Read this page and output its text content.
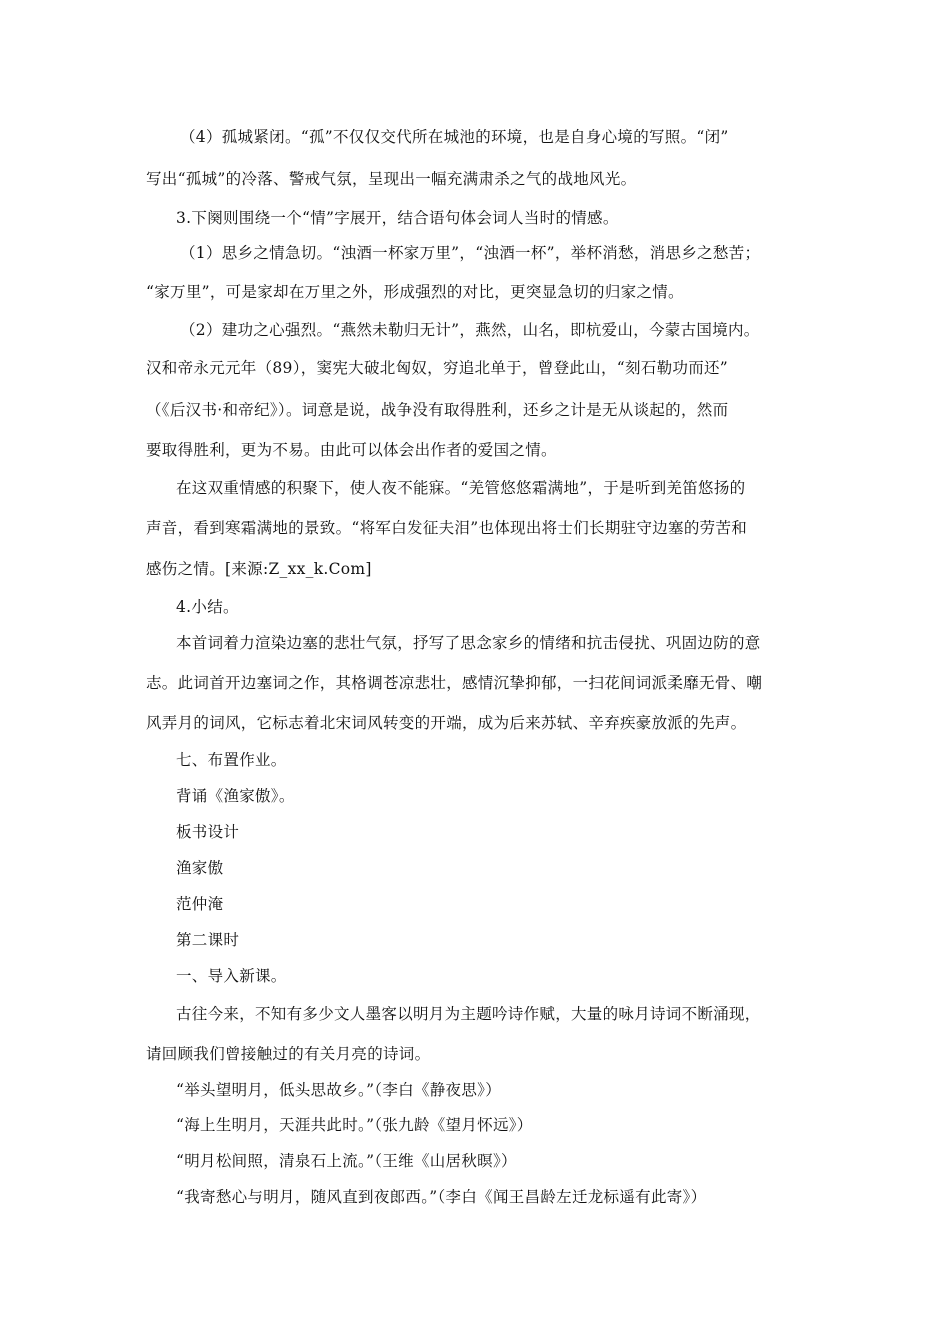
（4）孤城紧闭。“孤”不仅仅交代所在城池的环境，也是自身心境的写照。“闭”
写出“孤城”的冷落、警戒气氛，呈现出一幅充满肃杀之气的战地风光。
3.下阕则围绕一个“情”字展开，结合语句体会词人当时的情感。
（1）思乡之情急切。“浊酒一杯家万里”，“浊酒一杯”，举杯消愁，消思乡之愁苦；
“家万里”，可是家却在万里之外，形成强烈的对比，更突显急切的归家之情。
（2）建功之心强烈。“燕然未勒归无计”，燕然，山名，即杭爱山，今蒙古国境内。
汉和帝永元元年（89），窦宪大破北匈奴，穷追北单于，曾登此山，“刻石勒功而还”
（《后汉书·和帝纪》）。词意是说，战争没有取得胜利，还乡之计是无从谈起的，然而
要取得胜利，更为不易。由此可以体会出作者的爱国之情。
在这双重情感的积聚下，使人夜不能寐。“羌管悠悠霜满地”，于是听到羌笛悠扬的
声音，看到寒霜满地的景致。“将军白发征夫泪”也体现出将士们长期驻守边塞的劳苦和
感伤之情。[来源:Z_xx_k.Com]
4.小结。
本首词着力渲染边塞的悲壮气氛，抒写了思念家乡的情绪和抗击侵扰、巩固边防的意
志。此词首开边塞词之作，其格调苍凉悲壮，感情沉挚抑郁，一扫花间词派柔靡无骨、嘲
风弄月的词风，它标志着北宋词风转变的开端，成为后来苏轼、辛弃疾豪放派的先声。
七、布置作业。
背诵《渔家傲》。
板书设计
渔家傲
范仲淹
第二课时
一、导入新课。
古往今来，不知有多少文人墨客以明月为主题吟诗作赋，大量的咏月诗词不断涌现，
请回顾我们曾接触过的有关月亮的诗词。
“举头望明月，低头思故乡。”（李白《静夜思》）
“海上生明月，天涯共此时。”（张九龄《望月怀远》）
“明月松间照，清泉石上流。”（王维《山居秋暝》）
“我寄愁心与明月，随风直到夜郎西。”（李白《闻王昌龄左迁龙标遥有此寄》）
